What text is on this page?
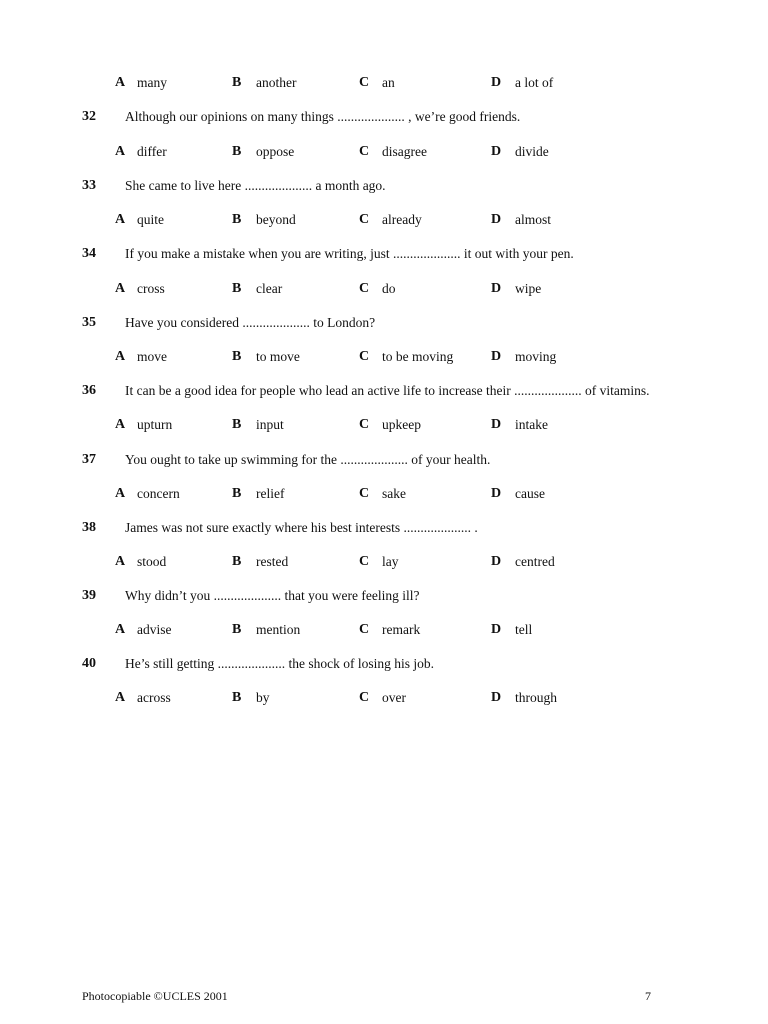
A many	B another	C an	D a lot of
32 Although our opinions on many things .................... , we’re good friends.
A differ	B oppose	C disagree	D divide
33 She came to live here .................... a month ago.
A quite	B beyond	C already	D almost
34 If you make a mistake when you are writing, just .................... it out with your pen.
A cross	B clear	C do	D wipe
35 Have you considered .................... to London?
A move	B to move	C to be moving	D moving
36 It can be a good idea for people who lead an active life to increase their .................... of vitamins.
A upturn	B input	C upkeep	D intake
37 You ought to take up swimming for the .................... of your health.
A concern	B relief	C sake	D cause
38 James was not sure exactly where his best interests .................... .
A stood	B rested	C lay	D centred
39 Why didn’t you .................... that you were feeling ill?
A advise	B mention	C remark	D tell
40 He’s still getting .................... the shock of losing his job.
A across	B by	C over	D through
Photocopiable ©UCLES 2001	7
